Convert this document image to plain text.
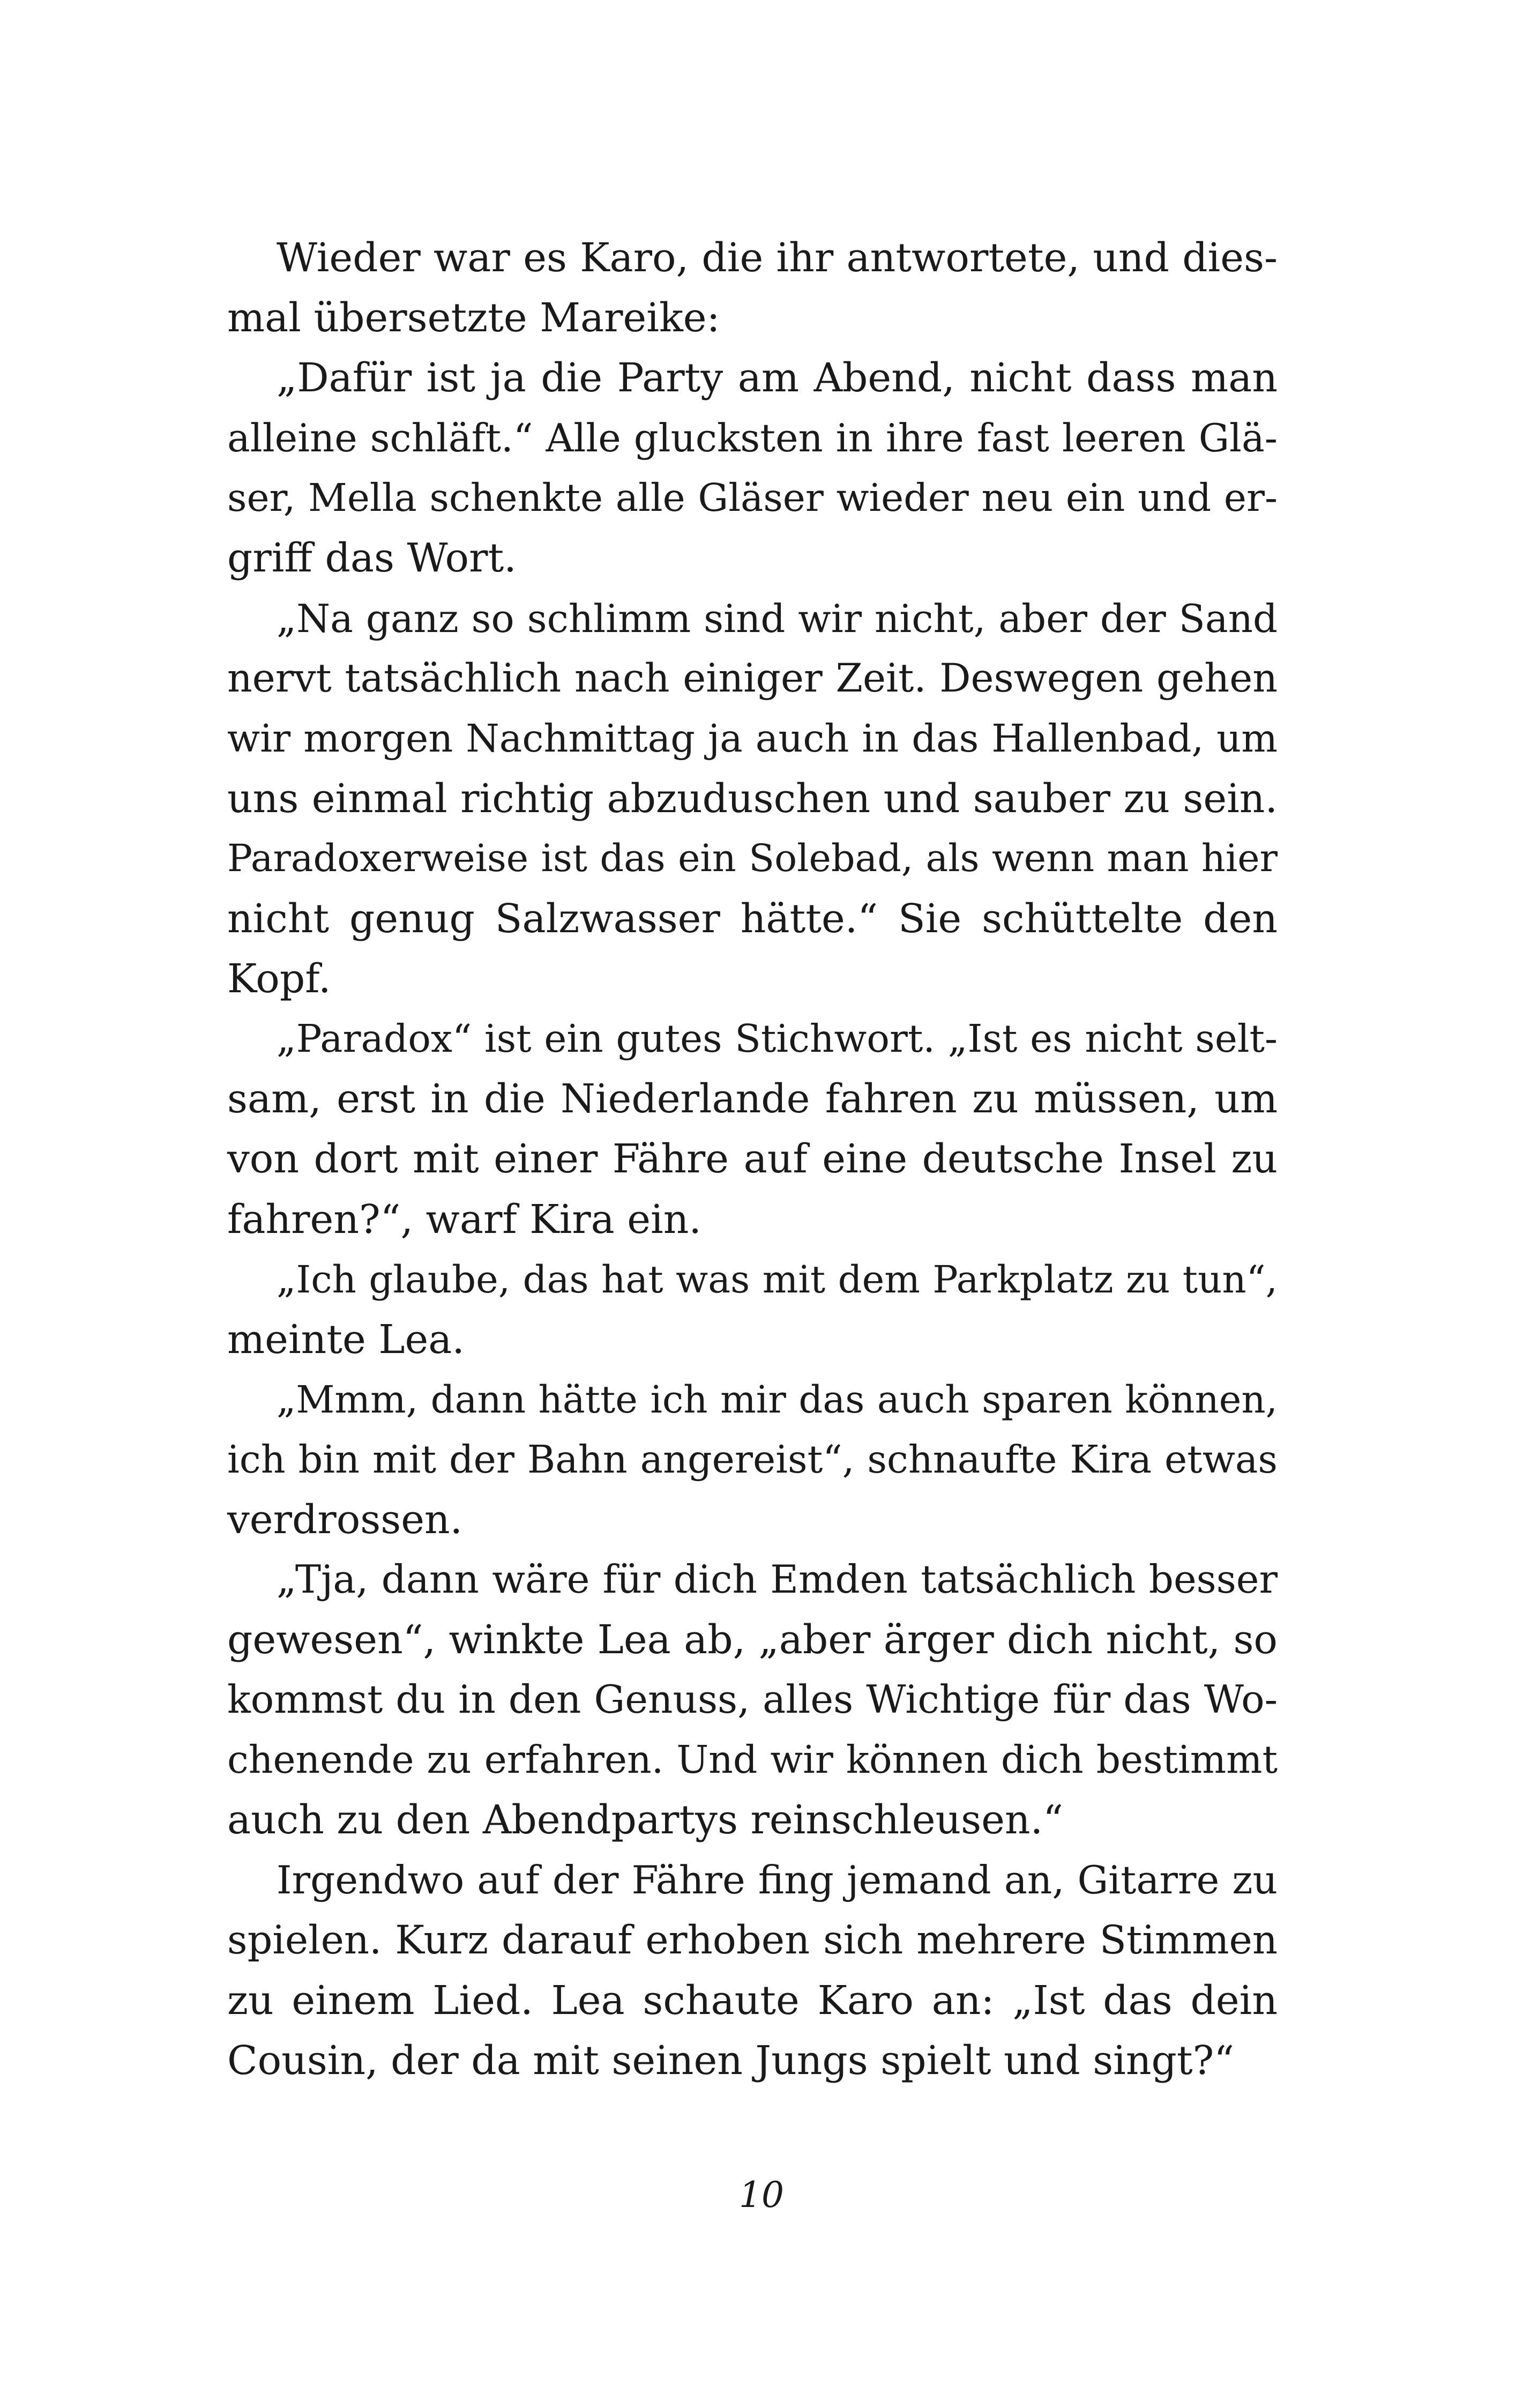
Wieder war es Karo, die ihr antwortete, und dies-
mal übersetzte Mareike:
„Dafür ist ja die Party am Abend, nicht dass man
alleine schläft.“ Alle glucksten in ihre fast leeren Glä-
ser, Mella schenkte alle Gläser wieder neu ein und er-
griff das Wort.
„Na ganz so schlimm sind wir nicht, aber der Sand
nervt tatsächlich nach einiger Zeit. Deswegen gehen
wir morgen Nachmittag ja auch in das Hallenbad, um
uns einmal richtig abzuduschen und sauber zu sein.
Paradoxerweise ist das ein Solebad, als wenn man hier
nicht genug Salzwasser hätte.“ Sie schüttelte den
Kopf.
„Paradox“ ist ein gutes Stichwort. „Ist es nicht selt-
sam, erst in die Niederlande fahren zu müssen, um
von dort mit einer Fähre auf eine deutsche Insel zu
fahren?“, warf Kira ein.
„Ich glaube, das hat was mit dem Parkplatz zu tun“,
meinte Lea.
„Mmm, dann hätte ich mir das auch sparen können,
ich bin mit der Bahn angereist“, schnaufte Kira etwas
verdrossen.
„Tja, dann wäre für dich Emden tatsächlich besser
gewesen“, winkte Lea ab, „aber ärger dich nicht, so
kommst du in den Genuss, alles Wichtige für das Wo-
chenende zu erfahren. Und wir können dich bestimmt
auch zu den Abendpartys reinschleusen.“
Irgendwo auf der Fähre fing jemand an, Gitarre zu
spielen. Kurz darauf erhoben sich mehrere Stimmen
zu einem Lied. Lea schaute Karo an: „Ist das dein
Cousin, der da mit seinen Jungs spielt und singt?“
10
